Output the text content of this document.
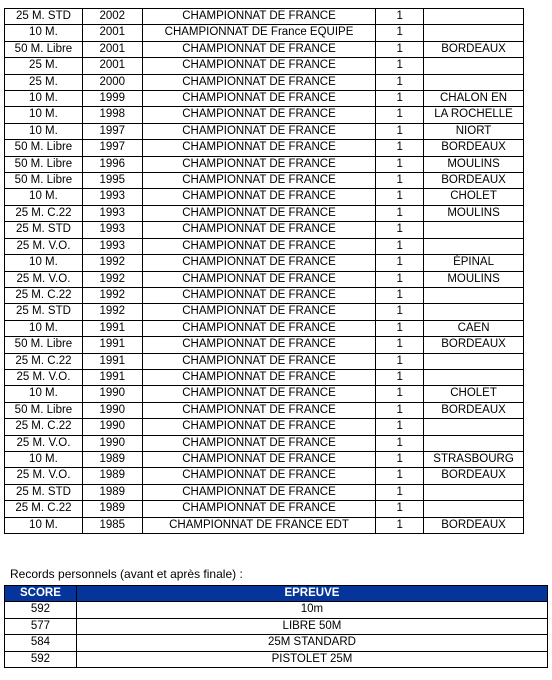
25 M. STD	2002	CHAMPIONNAT DE FRANCE	1	
10 M.	2001	CHAMPIONNAT DE France EQUIPE	1	
50 M. Libre	2001	CHAMPIONNAT DE FRANCE	1	BORDEAUX
25 M.	2001	CHAMPIONNAT DE FRANCE	1	
25 M.	2000	CHAMPIONNAT DE FRANCE	1	
10 M.	1999	CHAMPIONNAT DE FRANCE	1	CHALON EN
10 M.	1998	CHAMPIONNAT DE FRANCE	1	LA ROCHELLE
10 M.	1997	CHAMPIONNAT DE FRANCE	1	NIORT
50 M. Libre	1997	CHAMPIONNAT DE FRANCE	1	BORDEAUX
50 M. Libre	1996	CHAMPIONNAT DE FRANCE	1	MOULINS
50 M. Libre	1995	CHAMPIONNAT DE FRANCE	1	BORDEAUX
10 M.	1993	CHAMPIONNAT DE FRANCE	1	CHOLET
25 M. C.22	1993	CHAMPIONNAT DE FRANCE	1	MOULINS
25 M. STD	1993	CHAMPIONNAT DE FRANCE	1	
25 M. V.O.	1993	CHAMPIONNAT DE FRANCE	1	
10 M.	1992	CHAMPIONNAT DE FRANCE	1	ÉPINAL
25 M. V.O.	1992	CHAMPIONNAT DE FRANCE	1	MOULINS
25 M. C.22	1992	CHAMPIONNAT DE FRANCE	1	
25 M. STD	1992	CHAMPIONNAT DE FRANCE	1	
10 M.	1991	CHAMPIONNAT DE FRANCE	1	CAEN
50 M. Libre	1991	CHAMPIONNAT DE FRANCE	1	BORDEAUX
25 M. C.22	1991	CHAMPIONNAT DE FRANCE	1	
25 M. V.O.	1991	CHAMPIONNAT DE FRANCE	1	
10 M.	1990	CHAMPIONNAT DE FRANCE	1	CHOLET
50 M. Libre	1990	CHAMPIONNAT DE FRANCE	1	BORDEAUX
25 M. C.22	1990	CHAMPIONNAT DE FRANCE	1	
25 M. V.O.	1990	CHAMPIONNAT DE FRANCE	1	
10 M.	1989	CHAMPIONNAT DE FRANCE	1	STRASBOURG
25 M. V.O.	1989	CHAMPIONNAT DE FRANCE	1	BORDEAUX
25 M. STD	1989	CHAMPIONNAT DE FRANCE	1	
25 M. C.22	1989	CHAMPIONNAT DE FRANCE	1	
10 M.	1985	CHAMPIONNAT DE FRANCE EDT	1	BORDEAUX
Records personnels (avant et après finale) :
SCORE	EPREUVE
592	10m
577	LIBRE 50M
584	25M STANDARD
592	PISTOLET 25M
